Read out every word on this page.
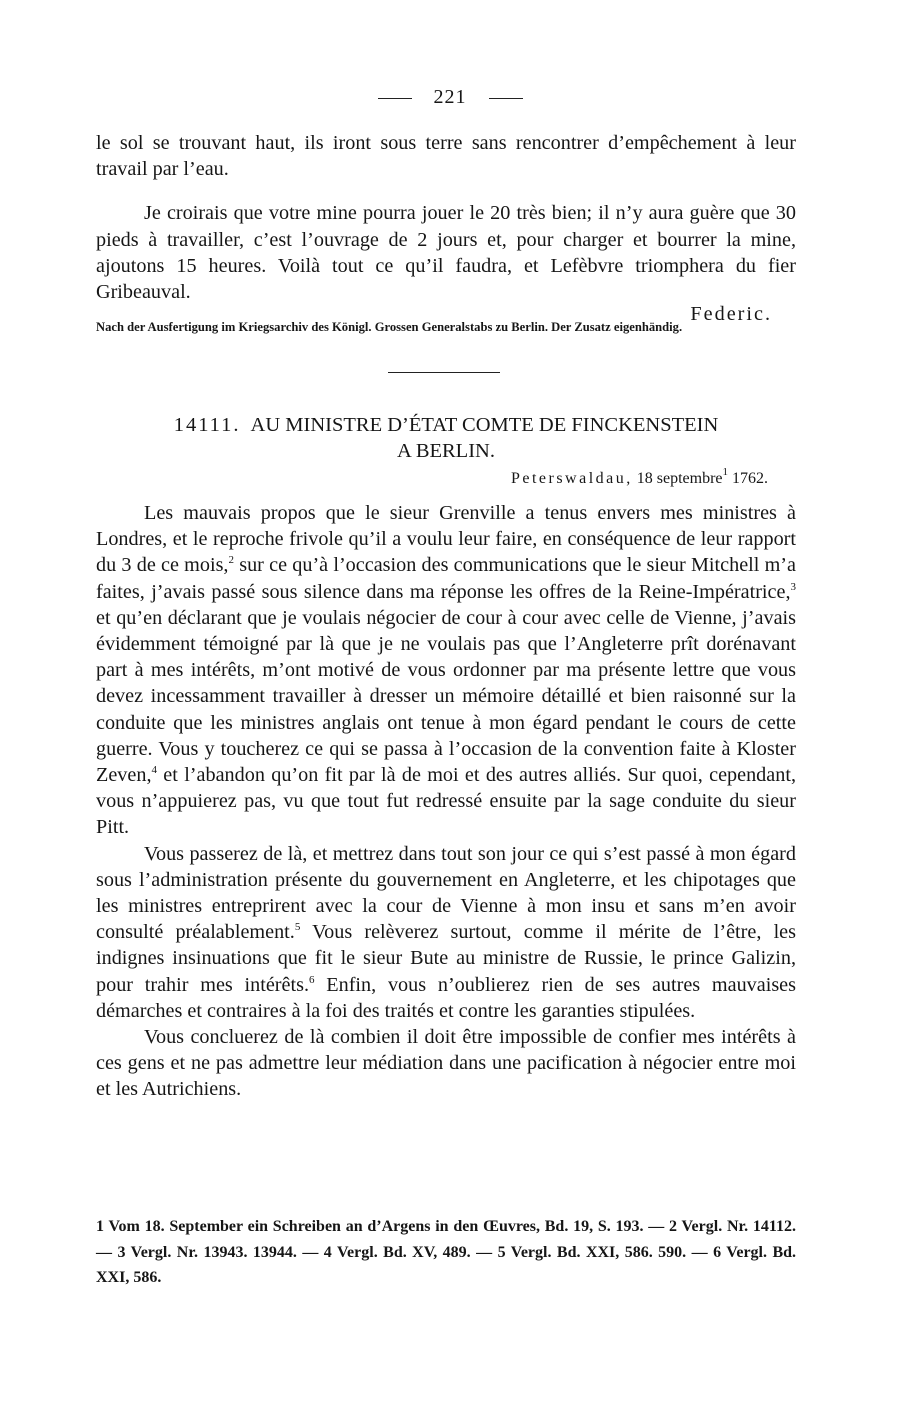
221

le sol se trouvant haut, ils iront sous terre sans rencontrer d’empêchement à leur travail par l’eau.

Je croirais que votre mine pourra jouer le 20 très bien; il n’y aura guère que 30 pieds à travailler, c’est l’ouvrage de 2 jours et, pour charger et bourrer la mine, ajoutons 15 heures. Voilà tout ce qu’il faudra, et Lefèbvre triomphera du fier Gribeauval.

Federic.

Nach der Ausfertigung im Kriegsarchiv des Königl. Grossen Generalstabs zu Berlin. Der Zusatz eigenhändig.
14111. AU MINISTRE D’ÉTAT COMTE DE FINCKENSTEIN
A BERLIN.
Peterswaldau, 18 septembre$^1$ 1762.

Les mauvais propos que le sieur Grenville a tenus envers mes ministres à Londres, et le reproche frivole qu’il a voulu leur faire, en conséquence de leur rapport du 3 de ce mois,$^2$ sur ce qu’à l’occasion des communications que le sieur Mitchell m’a faites, j’avais passé sous silence dans ma réponse les offres de la Reine-Impératrice,$^3$ et qu’en déclarant que je voulais négocier de cour à cour avec celle de Vienne, j’avais évidemment témoigné par là que je ne voulais pas que l’Angleterre prît dorénavant part à mes intérêts, m’ont motivé de vous ordonner par ma présente lettre que vous devez incessamment travailler à dresser un mémoire détaillé et bien raisonné sur la conduite que les ministres anglais ont tenue à mon égard pendant le cours de cette guerre. Vous y toucherez ce qui se passa à l’occasion de la convention faite à Kloster Zeven,$^4$ et l’abandon qu’on fit par là de moi et des autres alliés. Sur quoi, cependant, vous n’appuierez pas, vu que tout fut redressé ensuite par la sage conduite du sieur Pitt.

Vous passerez de là, et mettrez dans tout son jour ce qui s’est passé à mon égard sous l’administration présente du gouvernement en Angleterre, et les chipotages que les ministres entreprirent avec la cour de Vienne à mon insu et sans m’en avoir consulté préalablement.$^5$ Vous relèverez surtout, comme il mérite de l’être, les indignes insinuations que fit le sieur Bute au ministre de Russie, le prince Galizin, pour trahir mes intérêts.$^6$ Enfin, vous n’oublierez rien de ses autres mauvaises démarches et contraires à la foi des traités et contre les garanties stipulées.

Vous concluerez de là combien il doit être impossible de confier mes intérêts à ces gens et ne pas admettre leur médiation dans une pacification à négocier entre moi et les Autrichiens.

1 Vom 18. September ein Schreiben an d’Argens in den Œuvres, Bd. 19, S. 193. — 2 Vergl. Nr. 14112. — 3 Vergl. Nr. 13943. 13944. — 4 Vergl. Bd. XV, 489. — 5 Vergl. Bd. XXI, 586. 590. — 6 Vergl. Bd. XXI, 586.
